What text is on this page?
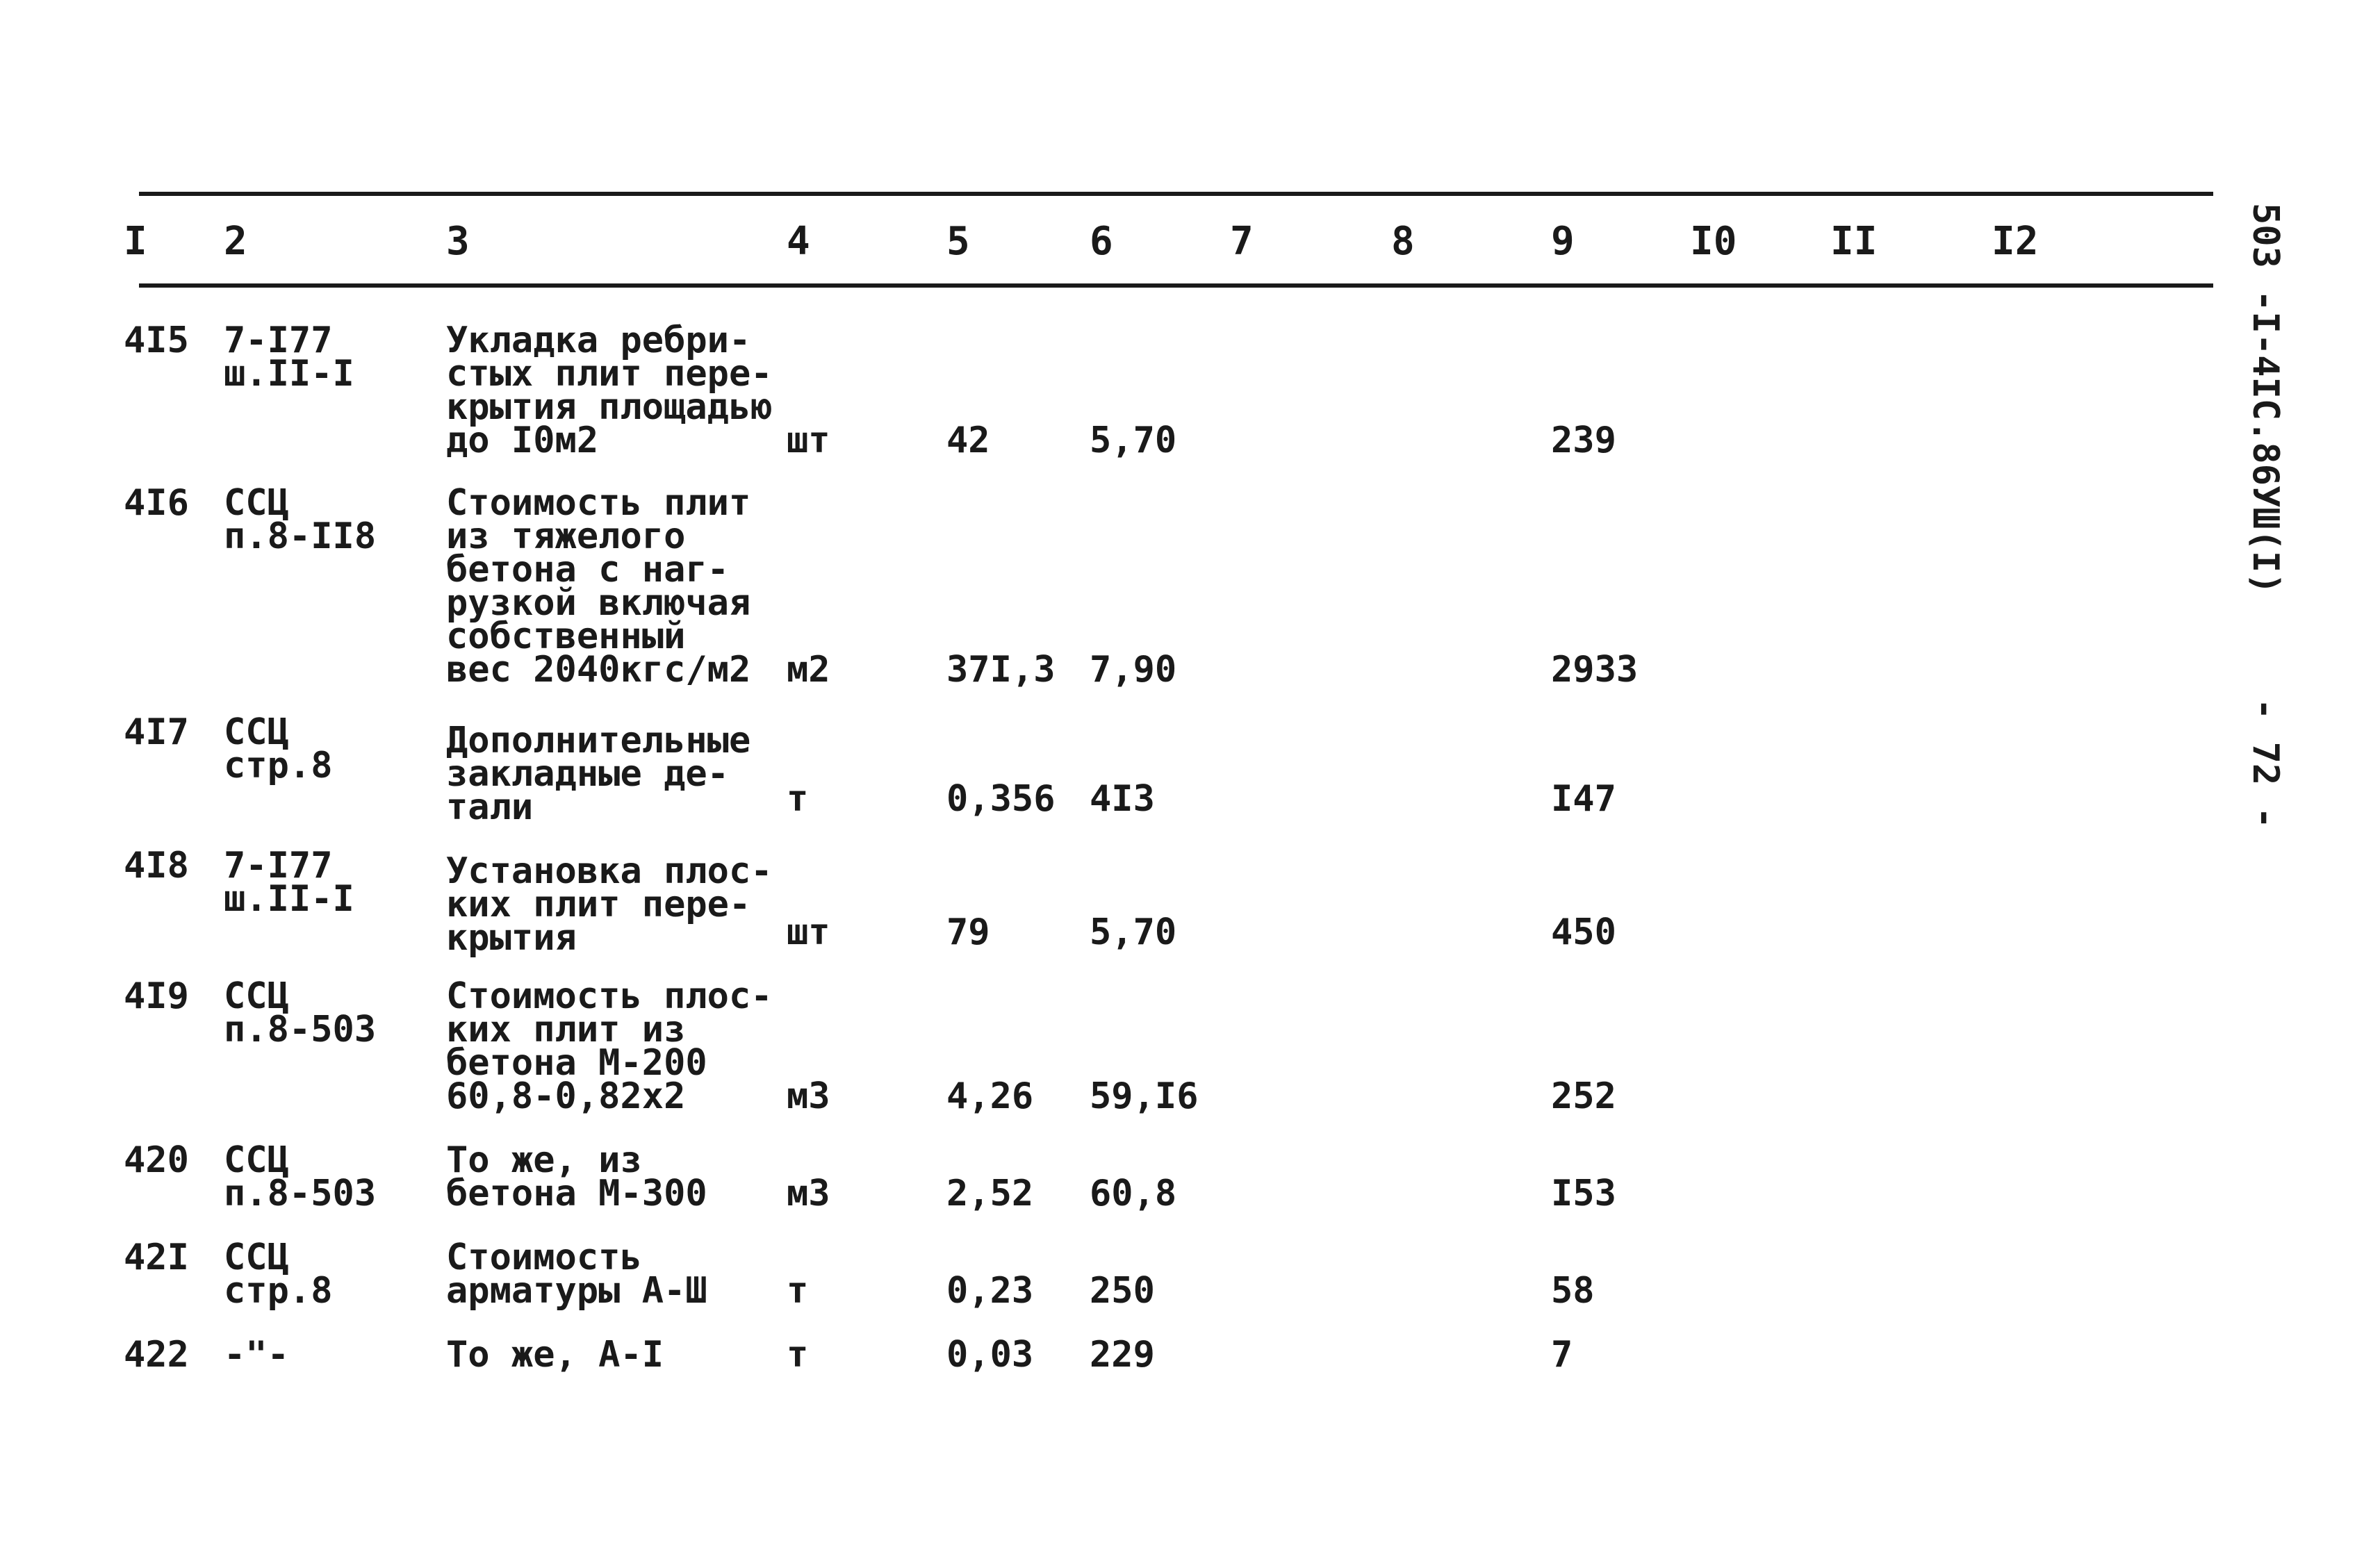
I 2	3	4	5	6	7	8	9	I0 II	I2
4I5 7-I77
ш.II-I
Укладка ребри-
стых плит пере-
крытия площадью
до I0м2	шт	42	5,70	239
4I6 ССЦ
п.8-II8
Стоимость плит
из тяжелого
бетона с наг-
рузкой включая
собственный
вес 2040кгс/м2 м2	37I,3 7,90	2933
4I7 ССЦ
стр.8
Дополнительные
закладные де-
тали	т	0,356 4I3	I47
4I8 7-I77
ш.II-I
Установка плос-
ких плит пере-
крытия	шт	79	5,70	450
4I9 ССЦ
п.8-503
Стоимость плос-
ких плит из
бетона М-200
60,8-0,82х2	м3	4,26 59,I6	252
420 ССЦ
п.8-503
То же, из
бетона М-300 м3	2,52 60,8	I53
42I ССЦ
стр.8
Стоимость
арматуры А-Ш т	0,23 250	58
422 -"-	То же, А-I	т	0,03 229	7
503 -I-4IС.86УШ(I)
- 72 -
